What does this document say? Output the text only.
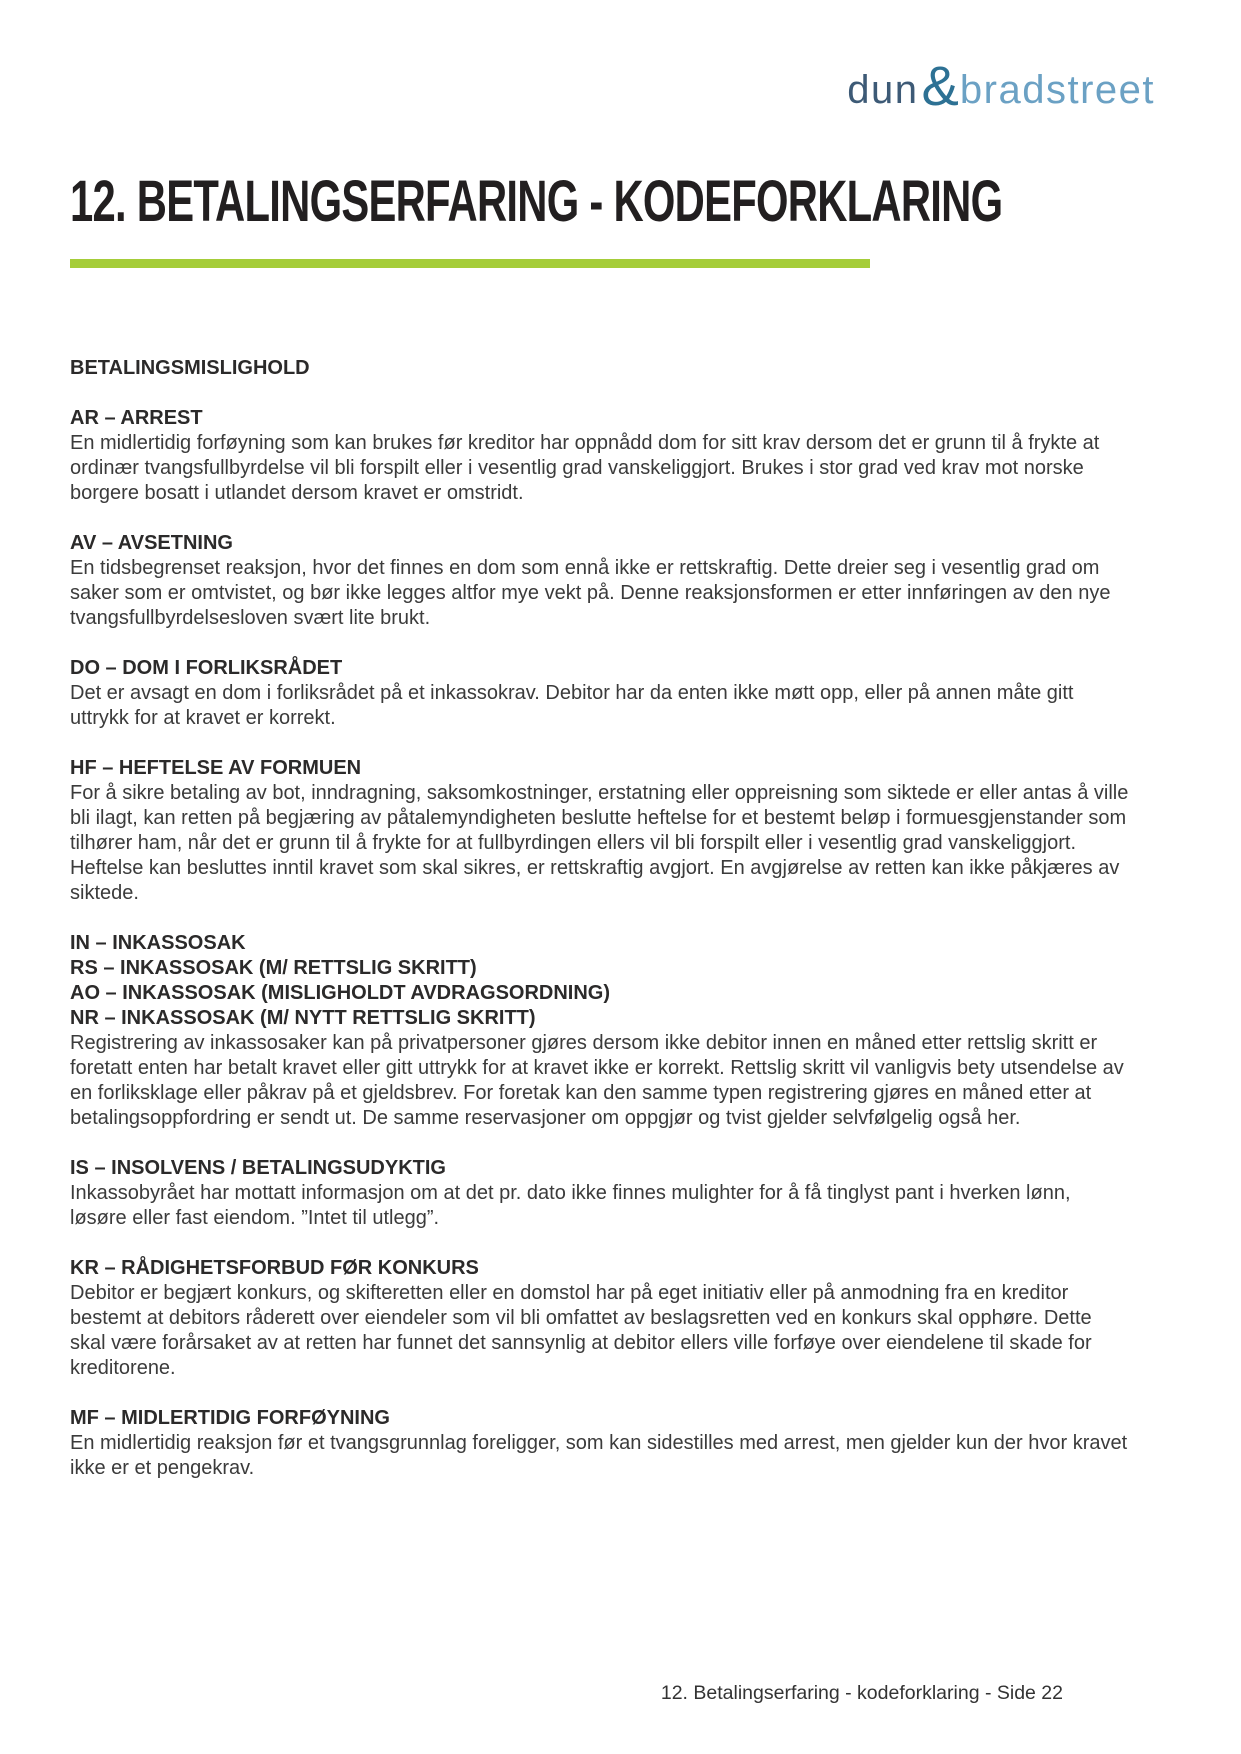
dun & bradstreet
12. BETALINGSERFARING - KODEFORKLARING
BETALINGSMISLIGHOLD
AR – ARREST

En midlertidig forføyning som kan brukes før kreditor har oppnådd dom for sitt krav dersom det er grunn til å frykte at ordinær tvangsfullbyrdelse vil bli forspilt eller i vesentlig grad vanskeliggjort. Brukes i stor grad ved krav mot norske borgere bosatt i utlandet dersom kravet er omstridt.

AV – AVSETNING

En tidsbegrenset reaksjon, hvor det finnes en dom som ennå ikke er rettskraftig. Dette dreier seg i vesentlig grad om saker som er omtvistet, og bør ikke legges altfor mye vekt på. Denne reaksjonsformen er etter innføringen av den nye tvangsfullbyrdelsesloven svært lite brukt.

DO – DOM I FORLIKSRÅDET

Det er avsagt en dom i forliksrådet på et inkassokrav. Debitor har da enten ikke møtt opp, eller på annen måte gitt uttrykk for at kravet er korrekt.

HF – HEFTELSE AV FORMUEN

For å sikre betaling av bot, inndragning, saksomkostninger, erstatning eller oppreisning som siktede er eller antas å ville bli ilagt, kan retten på begjæring av påtalemyndigheten beslutte heftelse for et bestemt beløp i formuesgjenstander som tilhører ham, når det er grunn til å frykte for at fullbyrdingen ellers vil bli forspilt eller i vesentlig grad vanskeliggjort. Heftelse kan besluttes inntil kravet som skal sikres, er rettskraftig avgjort. En avgjørelse av retten kan ikke påkjæres av siktede.

IN – INKASSOSAK
RS – INKASSOSAK (M/ RETTSLIG SKRITT)
AO – INKASSOSAK (MISLIGHOLDT AVDRAGSORDNING)
NR – INKASSOSAK (M/ NYTT RETTSLIG SKRITT)

Registrering av inkassosaker kan på privatpersoner gjøres dersom ikke debitor innen en måned etter rettslig skritt er foretatt enten har betalt kravet eller gitt uttrykk for at kravet ikke er korrekt. Rettslig skritt vil vanligvis bety utsendelse av en forliksklage eller påkrav på et gjeldsbrev. For foretak kan den samme typen registrering gjøres en måned etter at betalingsoppfordring er sendt ut. De samme reservasjoner om oppgjør og tvist gjelder selvfølgelig også her.

IS – INSOLVENS / BETALINGSUDYKTIG

Inkassobyrået har mottatt informasjon om at det pr. dato ikke finnes mulighter for å få tinglyst pant i hverken lønn, løsøre eller fast eiendom. ”Intet til utlegg”.

KR – RÅDIGHETSFORBUD FØR KONKURS

Debitor er begjært konkurs, og skifteretten eller en domstol har på eget initiativ eller på anmodning fra en kreditor bestemt at debitors råderett over eiendeler som vil bli omfattet av beslagsretten ved en konkurs skal opphøre. Dette skal være forårsaket av at retten har funnet det sannsynlig at debitor ellers ville forføye over eiendelene til skade for kreditorene.

MF – MIDLERTIDIG FORFØYNING

En midlertidig reaksjon før et tvangsgrunnlag foreligger, som kan sidestilles med arrest, men gjelder kun der hvor kravet ikke er et pengekrav.

12. Betalingserfaring - kodeforklaring - Side 22
